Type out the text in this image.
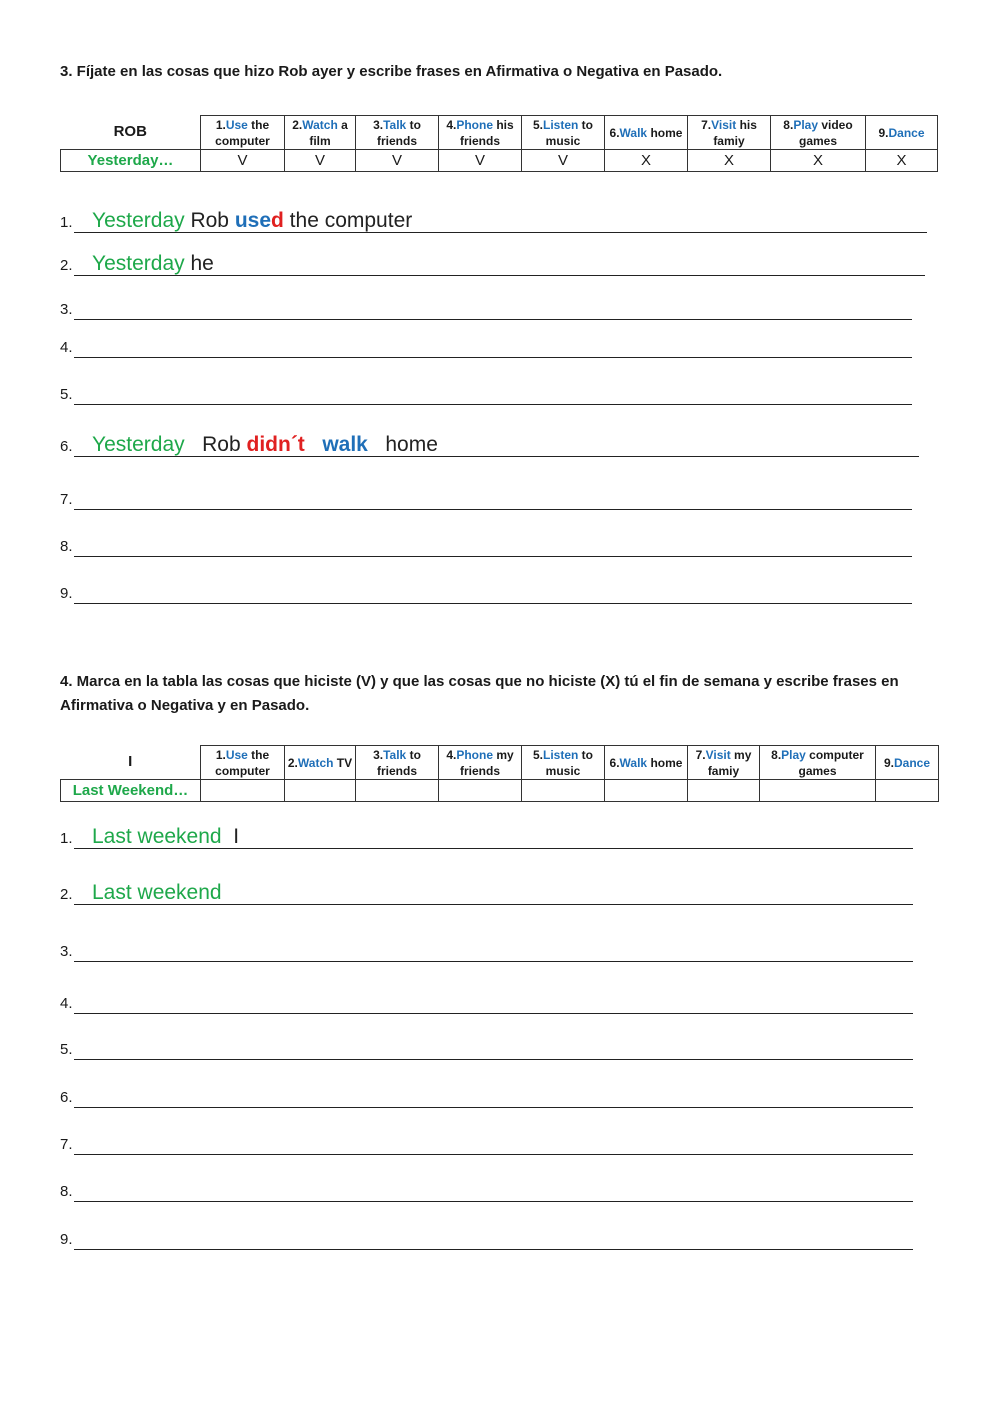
3. Fíjate en las cosas que hizo Rob ayer y escribe frases en Afirmativa o Negativa en Pasado.
ROB	1.Use the computer	2.Watch a film	3.Talk to friends	4.Phone his friends	5.Listen to music	6.Walk home	7.Visit his famiy	8.Play video games	9.Dance
Yesterday…	V	V	V	V	V	X	X	X	X
1. Yesterday Rob used the computer
2. Yesterday he
3.
4.
5.
6. Yesterday   Rob didn´t walk   home
7.
8.
9.
4. Marca en la tabla las cosas que hiciste (V) y que las cosas que no hiciste (X) tú el fin de semana y escribe frases en Afirmativa o Negativa y en Pasado.
I	1.Use the computer	2.Watch TV	3.Talk to friends	4.Phone my friends	5.Listen to music	6.Walk home	7.Visit my famiy	8.Play computer games	9.Dance
Last Weekend…									
1. Last weekend  I
2. Last weekend
3.
4.
5.
6.
7.
8.
9.
